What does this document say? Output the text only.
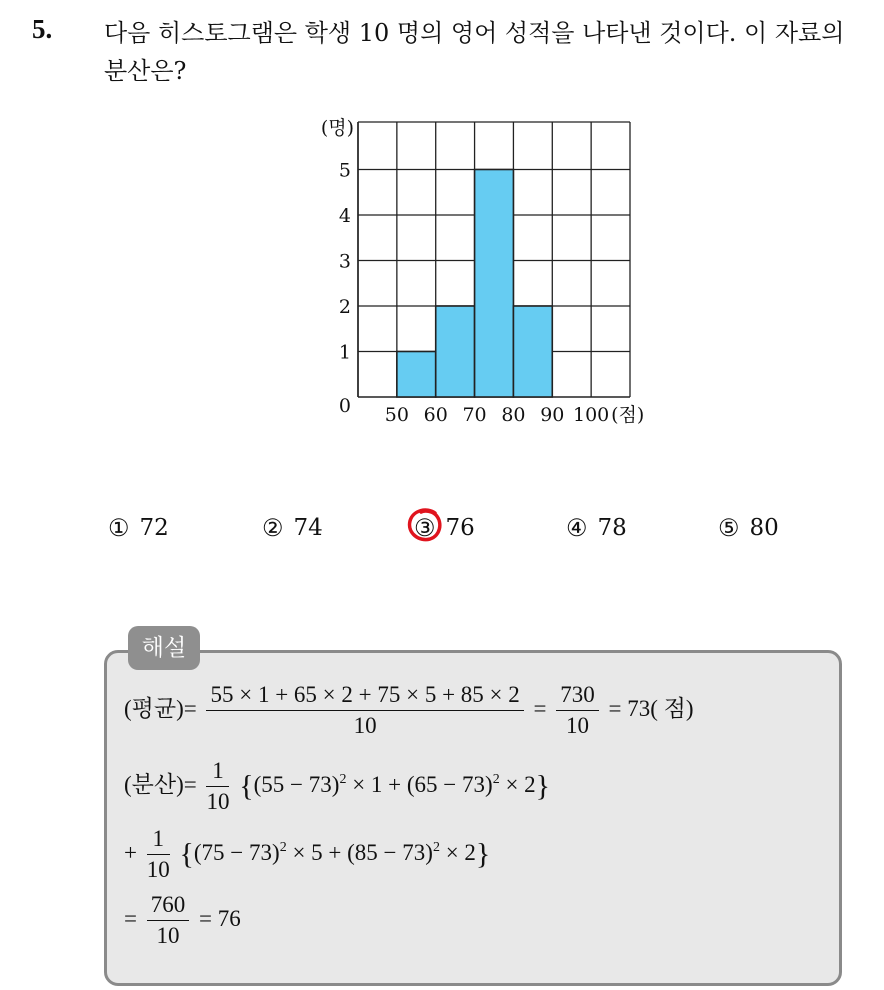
5. 다음 히스토그램은 학생 10 명의 영어 성적을 나타낸 것이다. 이 자료의 분산은?
1
2
3
4
5
0
(명)
50 60 70 80 90 100 (점)
① 72	② 74	③ 76	④ 78	⑤ 80
해설
(평균)= $\frac{55 \times 1 + 65 \times 2 + 75 \times 5 + 85 \times 2}{10} = \frac{730}{10} = 73$( 점)
(분산)= $\frac{1}{10} \{(55 - 73)^2 \times 1 + (65 - 73)^2 \times 2\}$
+ $\frac{1}{10} \{(75 - 73)^2 \times 5 + (85 - 73)^2 \times 2\}$
= $\frac{760}{10} = 76$
